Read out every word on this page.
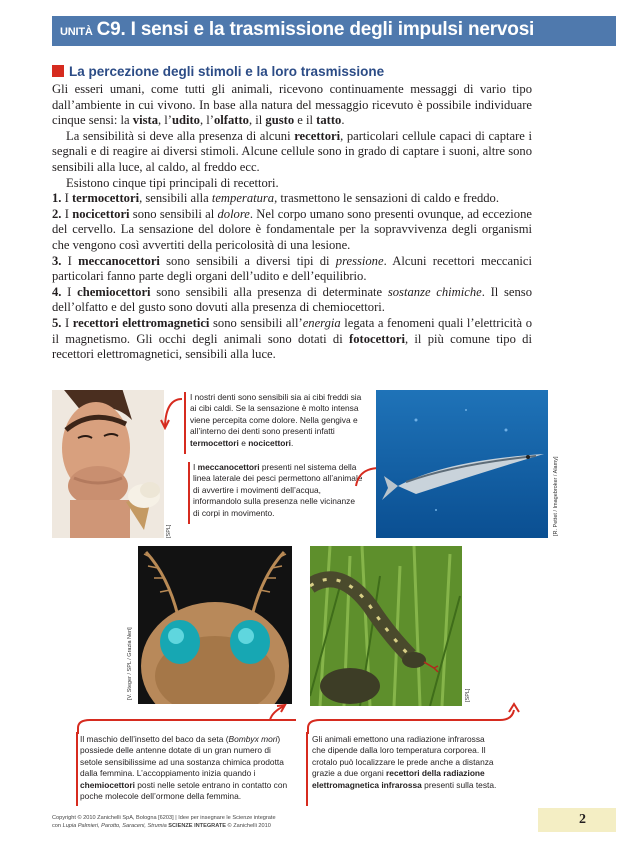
UNITÀ C9. I sensi e la trasmissione degli impulsi nervosi
La percezione degli stimoli e la loro trasmissione

Gli esseri umani, come tutti gli animali, ricevono continuamente messaggi di vario tipo dall’ambiente in cui vivono. In base alla natura del messaggio ricevuto è possibile individuare cinque sensi: la vista, l’udito, l’olfatto, il gusto e il tatto.

La sensibilità si deve alla presenza di alcuni recettori, particolari cellule capaci di captare i segnali e di reagire ai diversi stimoli. Alcune cellule sono in grado di captare i suoni, altre sono sensibili alla luce, al caldo, al freddo ecc.

Esistono cinque tipi principali di recettori.

1. I termocettori, sensibili alla temperatura, trasmettono le sensazioni di caldo e freddo.

2. I nocicettori sono sensibili al dolore. Nel corpo umano sono presenti ovunque, ad eccezione del cervello. La sensazione del dolore è fondamentale per la sopravvivenza degli organismi che vengono così avvertiti della pericolosità di una lesione.

3. I meccanocettori sono sensibili a diversi tipi di pressione. Alcuni recettori meccanici particolari fanno parte degli organi dell’udito e dell’equilibrio.

4. I chemiocettori sono sensibili alla presenza di determinate sostanze chimiche. Il senso dell’olfatto e del gusto sono dovuti alla presenza di chemiocettori.

5. I recettori elettromagnetici sono sensibili all’energia legata a fenomeni quali l’elettricità o il magnetismo. Gli occhi degli animali sono dotati di fotocettori, il più comune tipo di recettori elettromagnetici, sensibili alla luce.

[SPL]
I nostri denti sono sensibili sia ai cibi freddi sia ai cibi caldi. Se la sensazione è molto intensa viene percepita come dolore. Nella gengiva e all’interno dei denti sono presenti infatti termocettori e nocicettori.
I meccanocettori presenti nel sistema della linea laterale dei pesci permettono all’animale di avvertire i movimenti dell’acqua, informandolo sulla presenza nelle vicinanze di corpi in movimento.	[R. Pettet / Imagebroker / Alamy]
[V. Steger / SPL / Grazia Neri]	[SPL]
Il maschio dell’insetto del baco da seta (Bombyx mori) possiede delle antenne dotate di un gran numero di setole sensibilissime ad una sostanza chimica prodotta dalla femmina. L’accoppiamento inizia quando i chemiocettori posti nelle setole entrano in contatto con poche molecole dell’ormone della femmina.
Gli animali emettono una radiazione infrarossa che dipende dalla loro temperatura corporea. Il crotalo può localizzare le prede anche a distanza grazie a due organi recettori della radiazione elettromagnetica infrarossa presenti sulla testa.
Copyright © 2010 Zanichelli SpA, Bologna [6203] | Idee per insegnare le Scienze integrate
con Lupia Palmieri, Parotto, Saraceni, Strumia SCIENZE INTEGRATE © Zanichelli 2010	2
